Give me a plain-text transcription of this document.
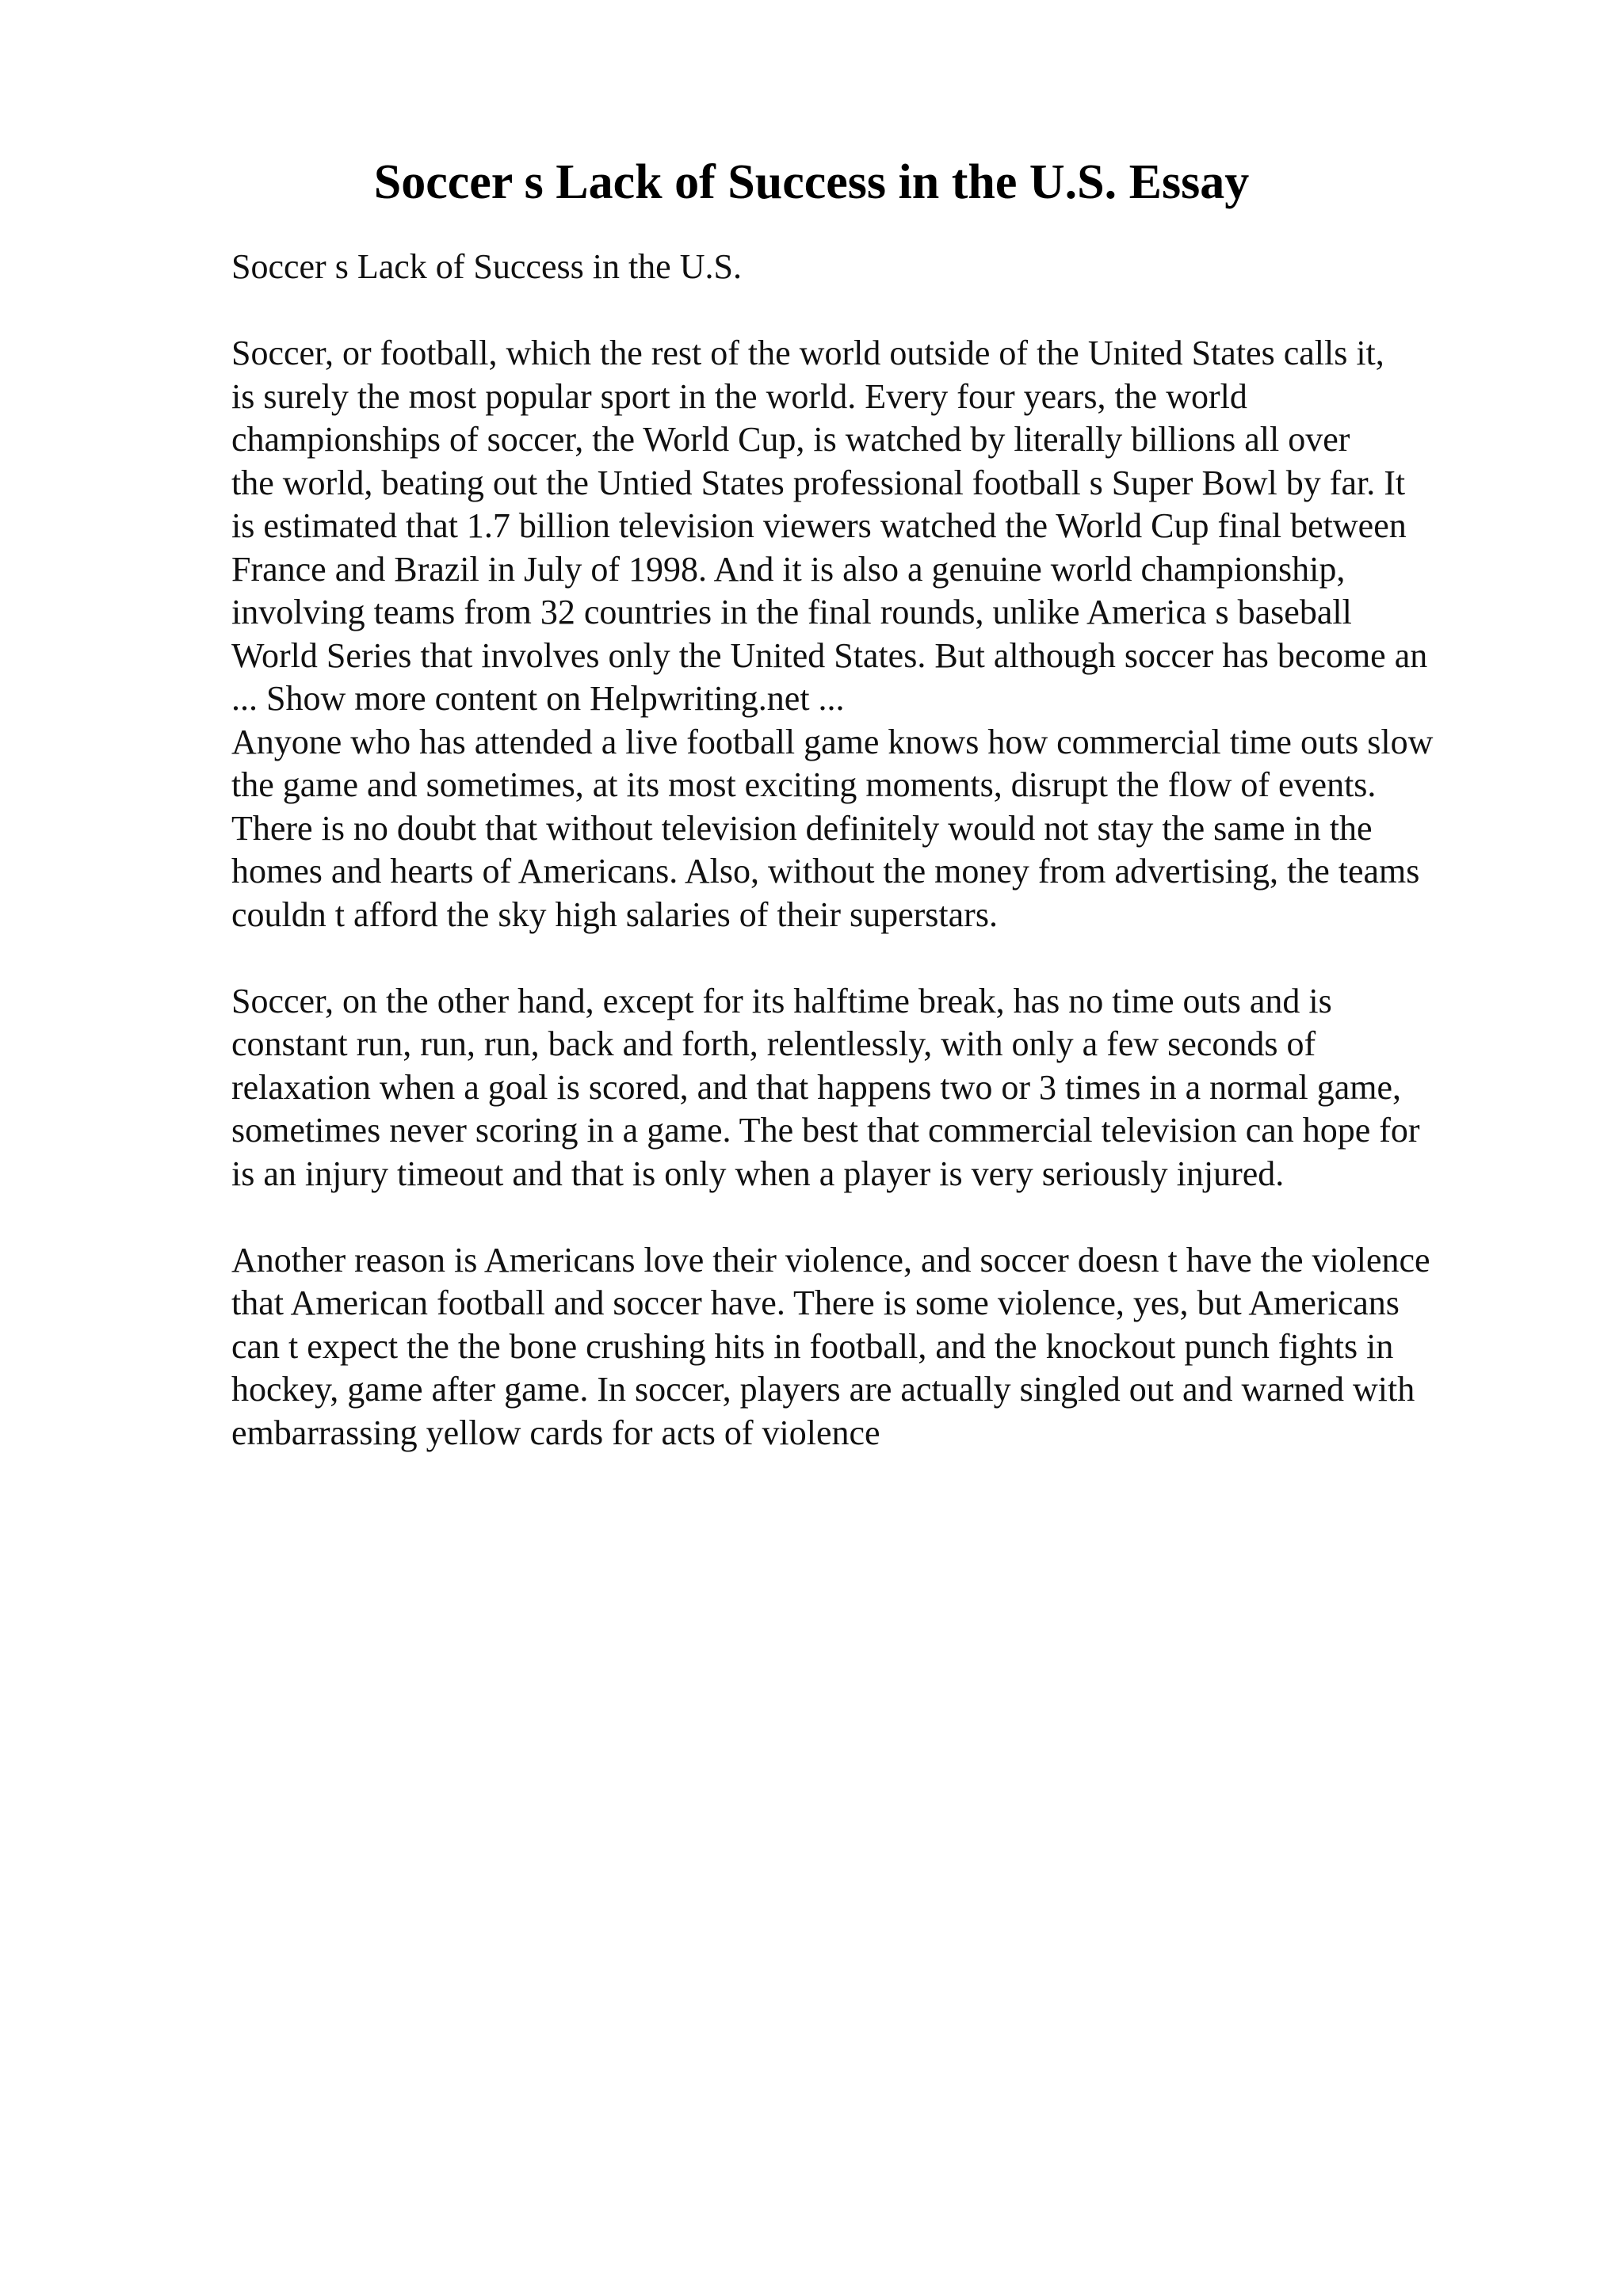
Soccer s Lack of Success in the U.S. Essay
Soccer s Lack of Success in the U.S.
Soccer, or football, which the rest of the world outside of the United States calls it,
is surely the most popular sport in the world. Every four years, the world
championships of soccer, the World Cup, is watched by literally billions all over
the world, beating out the Untied States professional football s Super Bowl by far. It
is estimated that 1.7 billion television viewers watched the World Cup final between
France and Brazil in July of 1998. And it is also a genuine world championship,
involving teams from 32 countries in the final rounds, unlike America s baseball
World Series that involves only the United States. But although soccer has become an
... Show more content on Helpwriting.net ...
Anyone who has attended a live football game knows how commercial time outs slow
the game and sometimes, at its most exciting moments, disrupt the flow of events.
There is no doubt that without television definitely would not stay the same in the
homes and hearts of Americans. Also, without the money from advertising, the teams
couldn t afford the sky high salaries of their superstars.
Soccer, on the other hand, except for its halftime break, has no time outs and is
constant run, run, run, back and forth, relentlessly, with only a few seconds of
relaxation when a goal is scored, and that happens two or 3 times in a normal game,
sometimes never scoring in a game. The best that commercial television can hope for
is an injury timeout and that is only when a player is very seriously injured.
Another reason is Americans love their violence, and soccer doesn t have the violence
that American football and soccer have. There is some violence, yes, but Americans
can t expect the the bone crushing hits in football, and the knockout punch fights in
hockey, game after game. In soccer, players are actually singled out and warned with
embarrassing yellow cards for acts of violence
